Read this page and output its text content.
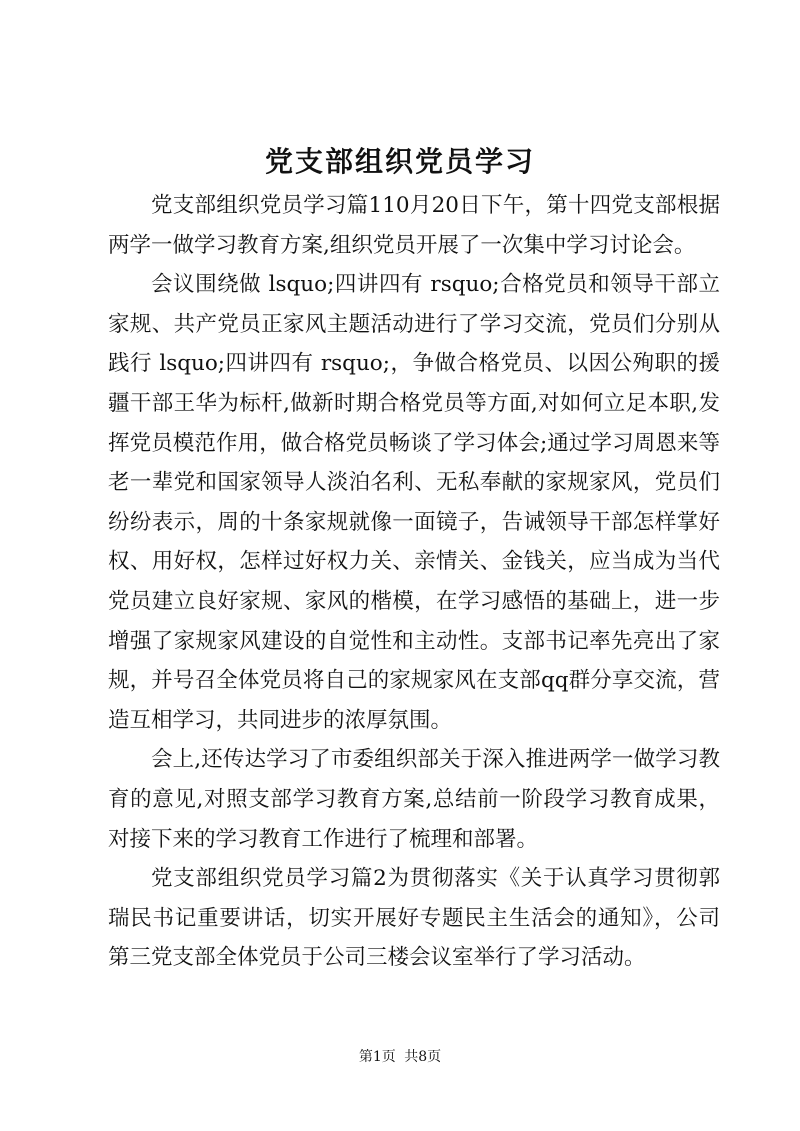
党支部组织党员学习

党支部组织党员学习篇110月20日下午，第十四党支部根据两学一做学习教育方案,组织党员开展了一次集中学习讨论会。

会议围绕做 lsquo;四讲四有 rsquo;合格党员和领导干部立家规、共产党员正家风主题活动进行了学习交流，党员们分别从践行 lsquo;四讲四有 rsquo;，争做合格党员、以因公殉职的援疆干部王华为标杆,做新时期合格党员等方面,对如何立足本职,发挥党员模范作用，做合格党员畅谈了学习体会;通过学习周恩来等老一辈党和国家领导人淡泊名利、无私奉献的家规家风，党员们纷纷表示，周的十条家规就像一面镜子，告诫领导干部怎样掌好权、用好权，怎样过好权力关、亲情关、金钱关，应当成为当代党员建立良好家规、家风的楷模，在学习感悟的基础上，进一步增强了家规家风建设的自觉性和主动性。支部书记率先亮出了家规，并号召全体党员将自己的家规家风在支部qq群分享交流，营造互相学习，共同进步的浓厚氛围。

会上,还传达学习了市委组织部关于深入推进两学一做学习教育的意见,对照支部学习教育方案,总结前一阶段学习教育成果，对接下来的学习教育工作进行了梳理和部署。

党支部组织党员学习篇2为贯彻落实《关于认真学习贯彻郭瑞民书记重要讲话，切实开展好专题民主生活会的通知》，公司第三党支部全体党员于公司三楼会议室举行了学习活动。

第1页 共8页
